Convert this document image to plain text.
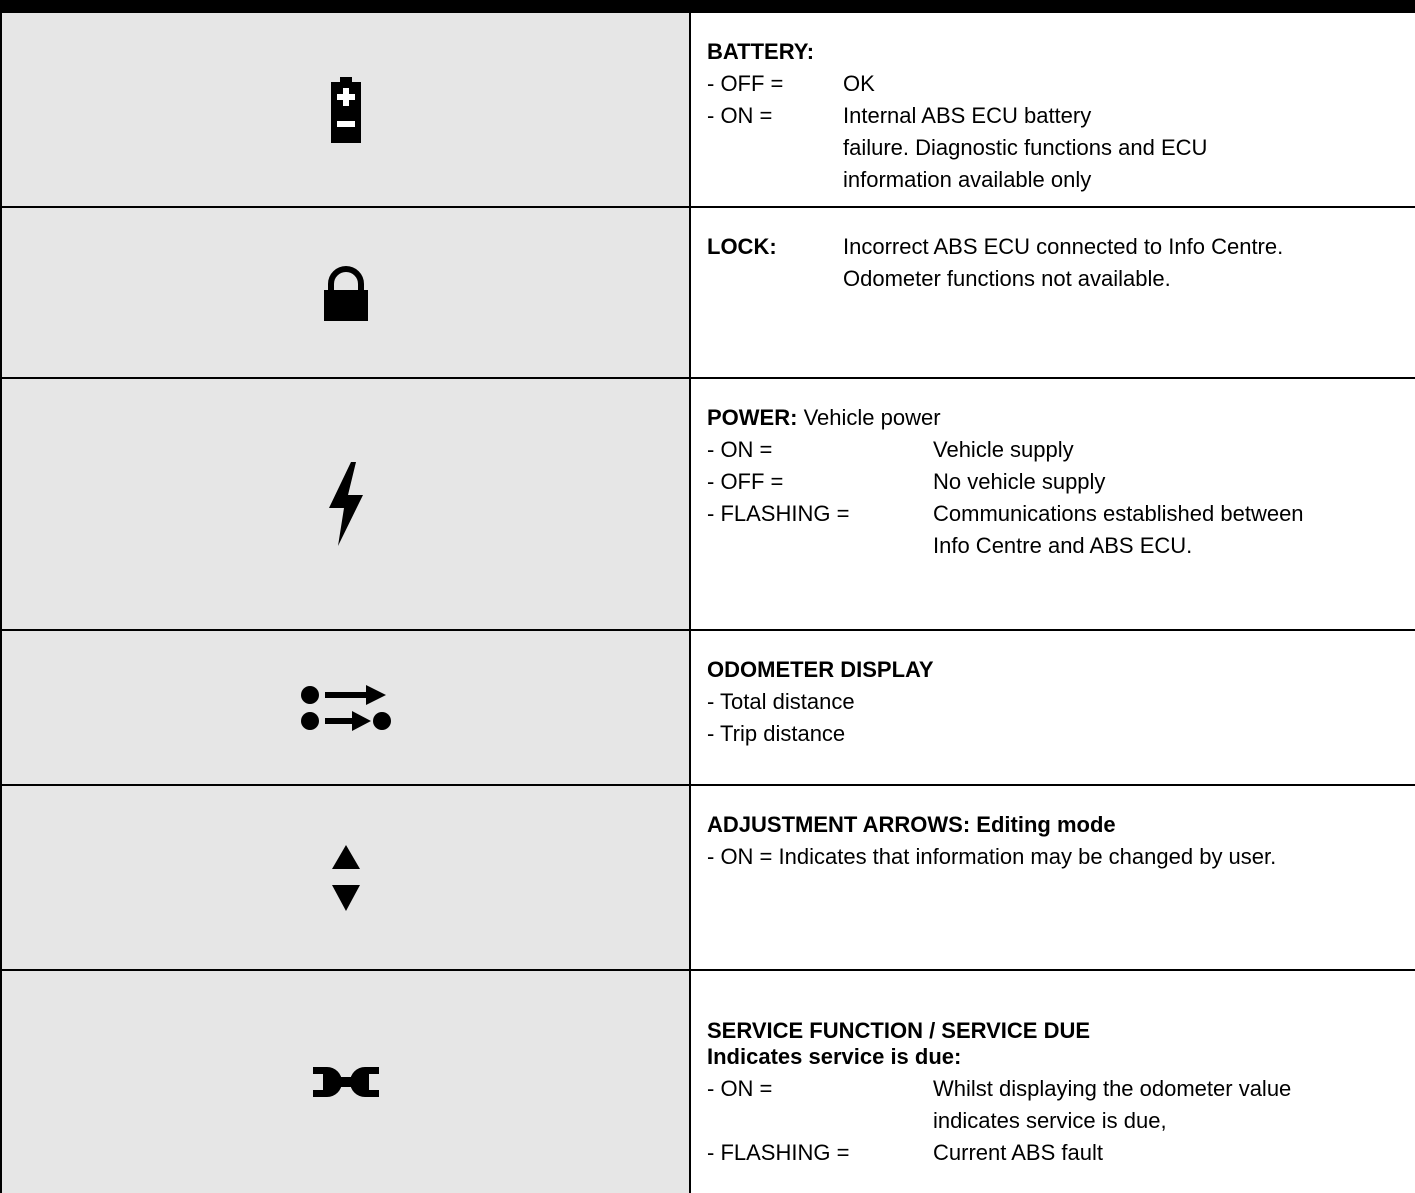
BATTERY:
- OFF =	OK
- ON =	Internal ABS ECU battery
failure. Diagnostic functions and ECU
information available only
LOCK:	Incorrect ABS ECU connected to Info Centre.
Odometer functions not available.
POWER: Vehicle power
- ON =	Vehicle supply
- OFF =	No vehicle supply
- FLASHING =	Communications established between
Info Centre and ABS ECU.
ODOMETER DISPLAY
- Total distance
- Trip distance
ADJUSTMENT ARROWS: Editing mode
- ON = Indicates that information may be changed by user.
SERVICE FUNCTION / SERVICE DUE
Indicates service is due:
- ON =	Whilst displaying the odometer value
indicates service is due,
- FLASHING =	Current ABS fault
